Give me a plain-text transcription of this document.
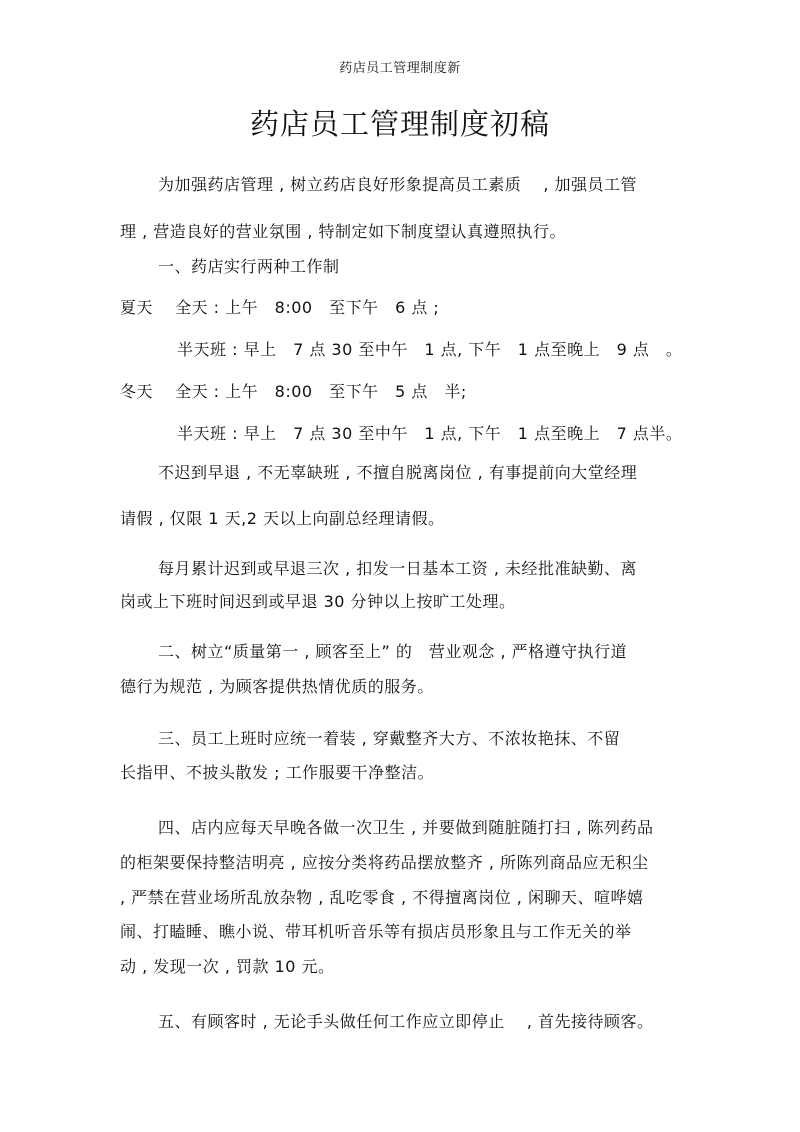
药店员工管理制度新
药店员工管理制度初稿
为加强药店管理 , 树立药店良好形象提高员工素质　 , 加强员工管
理 , 营造良好的营业氛围 , 特制定如下制度望认真遵照执行。
一、药店实行两种工作制
夏天　 全天 : 上午　8:00　至下午　6 点 ;
半天班 : 早上　7 点 30 至中午　1 点, 下午　1 点至晚上　9 点　。
冬天　 全天 : 上午　8:00　至下午　5 点　半;
半天班 : 早上　7 点 30 至中午　1 点, 下午　1 点至晚上　7 点半。
不迟到早退 , 不无辜缺班 , 不擅自脱离岗位 , 有事提前向大堂经理
请假 , 仅限 1 天,2 天以上向副总经理请假。
每月累计迟到或早退三次 , 扣发一日基本工资 , 未经批准缺勤、离
岗或上下班时间迟到或早退 30 分钟以上按旷工处理。
二、树立“质量第一 , 顾客至上” 的　营业观念 , 严格遵守执行道
德行为规范 , 为顾客提供热情优质的服务。
三、员工上班时应统一着装 , 穿戴整齐大方、不浓妆艳抹、不留
长指甲、不披头散发 ; 工作服要干净整洁。
四、店内应每天早晚各做一次卫生 , 并要做到随脏随打扫 , 陈列药品
的柜架要保持整洁明亮 , 应按分类将药品摆放整齐 , 所陈列商品应无积尘
, 严禁在营业场所乱放杂物 , 乱吃零食 , 不得擅离岗位 , 闲聊天、喧哗嬉
闹、打瞌睡、瞧小说、带耳机听音乐等有损店员形象且与工作无关的举
动 , 发现一次 , 罚款 10 元。
五、有顾客时 , 无论手头做任何工作应立即停止　 , 首先接待顾客。
